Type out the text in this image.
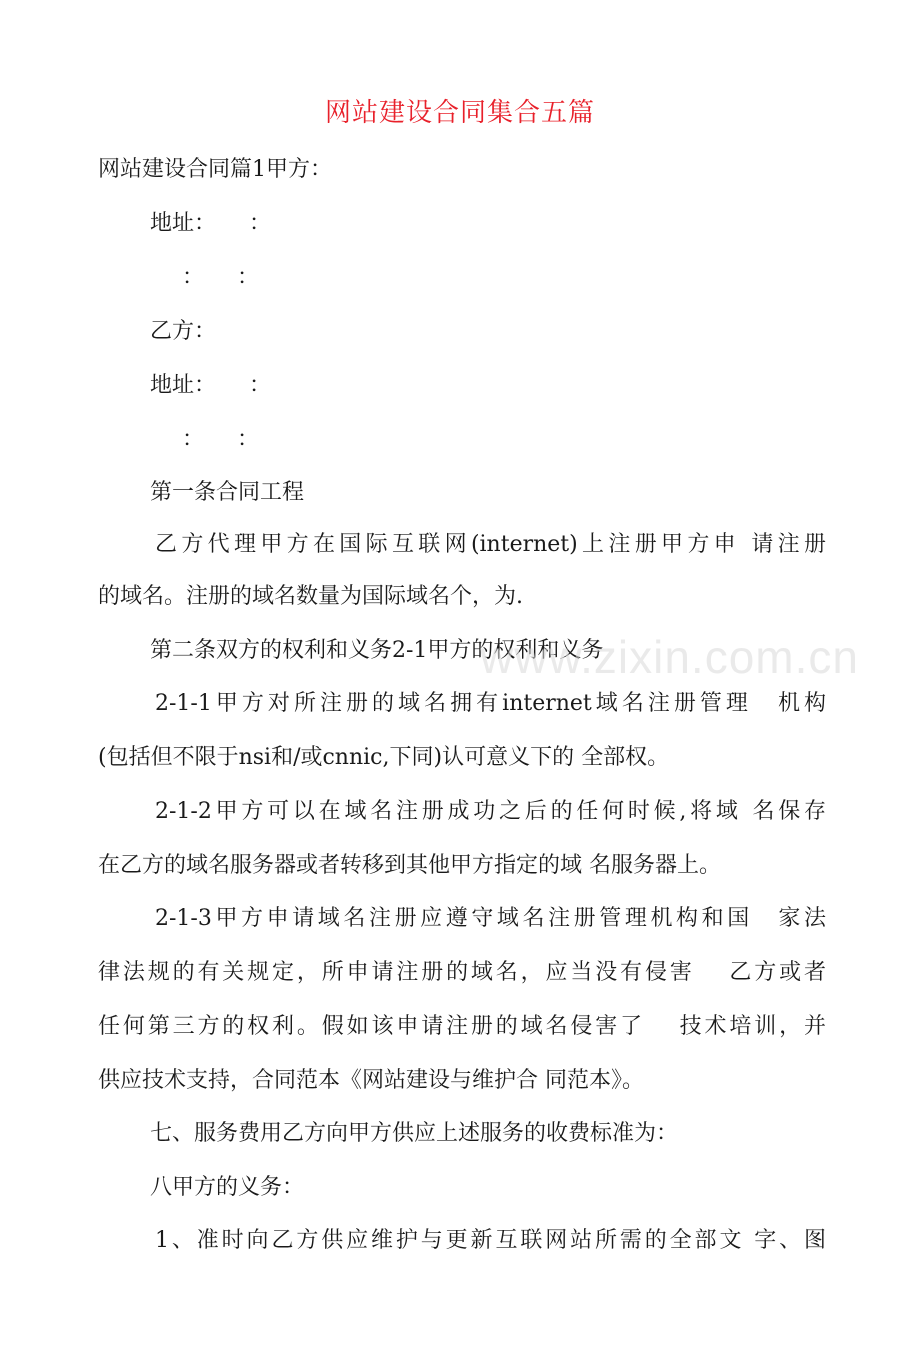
网站建设合同集合五篇

网站建设合同篇1甲方：

地址：　　：

：　　：

乙方：

地址：　　：

：　　：

第一条合同工程

乙方代理甲方在国际互联网(internet)上注册甲方申 请注册

的域名。注册的域名数量为国际域名个，为.

第二条双方的权利和义务2-1甲方的权利和义务

2-1-1甲方对所注册的域名拥有internet域名注册管理　机构

(包括但不限于nsi和/或cnnic,下同)认可意义下的 全部权。

2-1-2甲方可以在域名注册成功之后的任何时候,将域 名保存

在乙方的域名服务器或者转移到其他甲方指定的域 名服务器上。

2-1-3甲方申请域名注册应遵守域名注册管理机构和国　家法

律法规的有关规定，所申请注册的域名，应当没有侵害　 乙方或者

任何第三方的权利。假如该申请注册的域名侵害了　 技术培训，并

供应技术支持，合同范本《网站建设与维护合 同范本》。

七、服务费用乙方向甲方供应上述服务的收费标准为：

八甲方的义务：

1、准时向乙方供应维护与更新互联网站所需的全部文 字、图

www.zixin.com.cn
